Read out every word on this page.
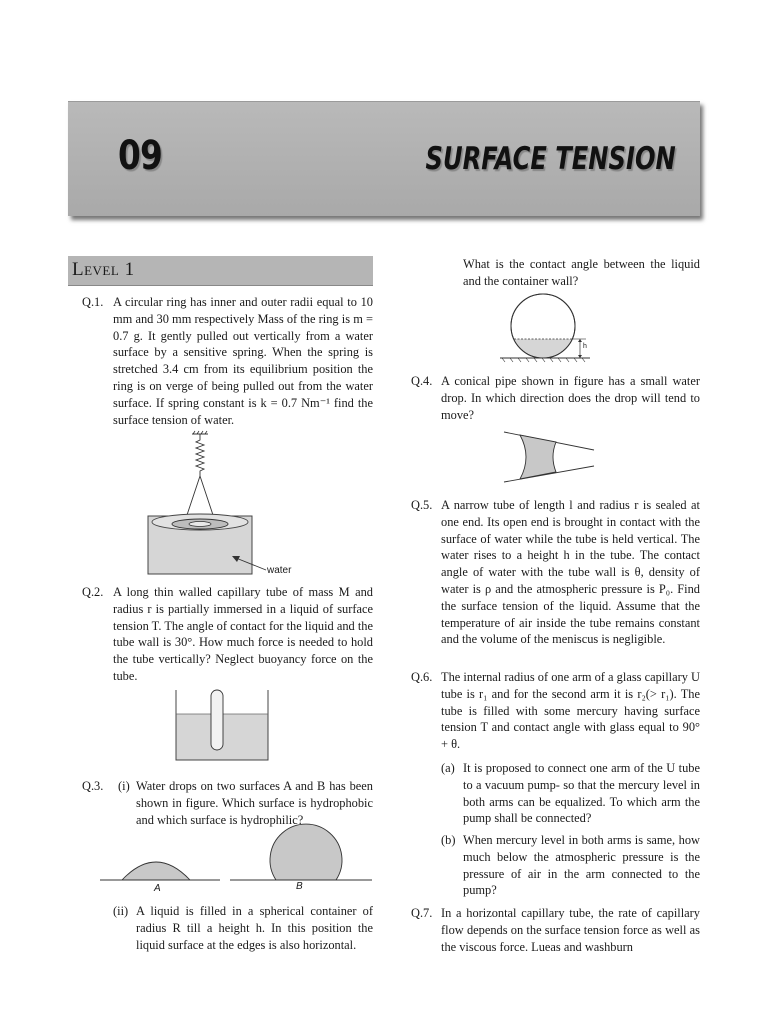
09	SURFACE TENSION
Level 1
Q.1. A circular ring has inner and outer radii equal to 10 mm and 30 mm respectively Mass of the ring is m = 0.7 g. It gently pulled out vertically from a water surface by a sensitive spring. When the spring is stretched 3.4 cm from its equilibrium position the ring is on verge of being pulled out from the water surface. If spring constant is k = 0.7 Nm⁻¹ find the surface tension of water.
water
Q.2. A long thin walled capillary tube of mass M and radius r is partially immersed in a liquid of surface tension T. The angle of contact for the liquid and the tube wall is 30°. How much force is needed to hold the tube vertically? Neglect buoyancy force on the tube.
Q.3. (i) Water drops on two surfaces A and B has been shown in figure. Which surface is hydrophobic and which surface is hydrophilic?
A	B
(ii) A liquid is filled in a spherical container of radius R till a height h. In this position the liquid surface at the edges is also horizontal.
What is the contact angle between the liquid and the container wall?
h
Q.4. A conical pipe shown in figure has a small water drop. In which direction does the drop will tend to move?
Q.5. A narrow tube of length l and radius r is sealed at one end. Its open end is brought in contact with the surface of water while the tube is held vertical. The water rises to a height h in the tube. The contact angle of water with the tube wall is θ, density of water is ρ and the atmospheric pressure is P₀. Find the surface tension of the liquid. Assume that the temperature of air inside the tube remains constant and the volume of the meniscus is negligible.
Q.6. The internal radius of one arm of a glass capillary U tube is r₁ and for the second arm it is r₂(> r₁). The tube is filled with some mercury having surface tension T and contact angle with glass equal to 90° + θ.
(a) It is proposed to connect one arm of the U tube to a vacuum pump- so that the mercury level in both arms can be equalized. To which arm the pump shall be connected?
(b) When mercury level in both arms is same, how much below the atmospheric pressure is the pressure of air in the arm connected to the pump?
Q.7. In a horizontal capillary tube, the rate of capillary flow depends on the surface tension force as well as the viscous force. Lueas and washburn
